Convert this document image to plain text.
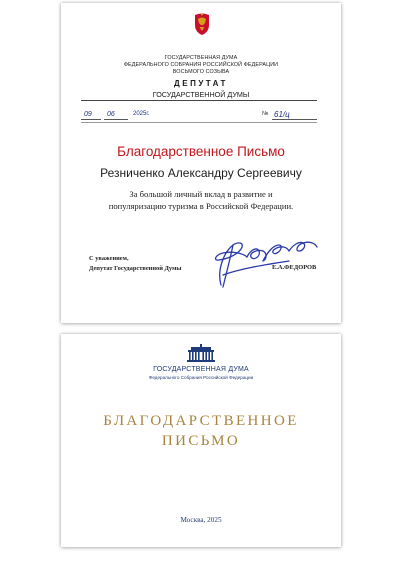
ГОСУДАРСТВЕННАЯ ДУМА
ФЕДЕРАЛЬНОГО СОБРАНИЯ РОССИЙСКОЙ ФЕДЕРАЦИИ
ВОСЬМОГО СОЗЫВА
ДЕПУТАТ
ГОСУДАРСТВЕННОЙ ДУМЫ
09 06	2025г.	№ 61/ц
Благодарственное Письмо
Резниченко Александру Сергеевичу
За большой личный вклад в развитие и популяризацию туризма в Российской Федерации.
С уважением,
Депутат Государственной Думы	Е.А.ФЕДОРОВ
ГОСУДАРСТВЕННАЯ ДУМА
Федерального Собрания Российской Федерации
БЛАГОДАРСТВЕННОЕ
ПИСЬМО
Москва, 2025
